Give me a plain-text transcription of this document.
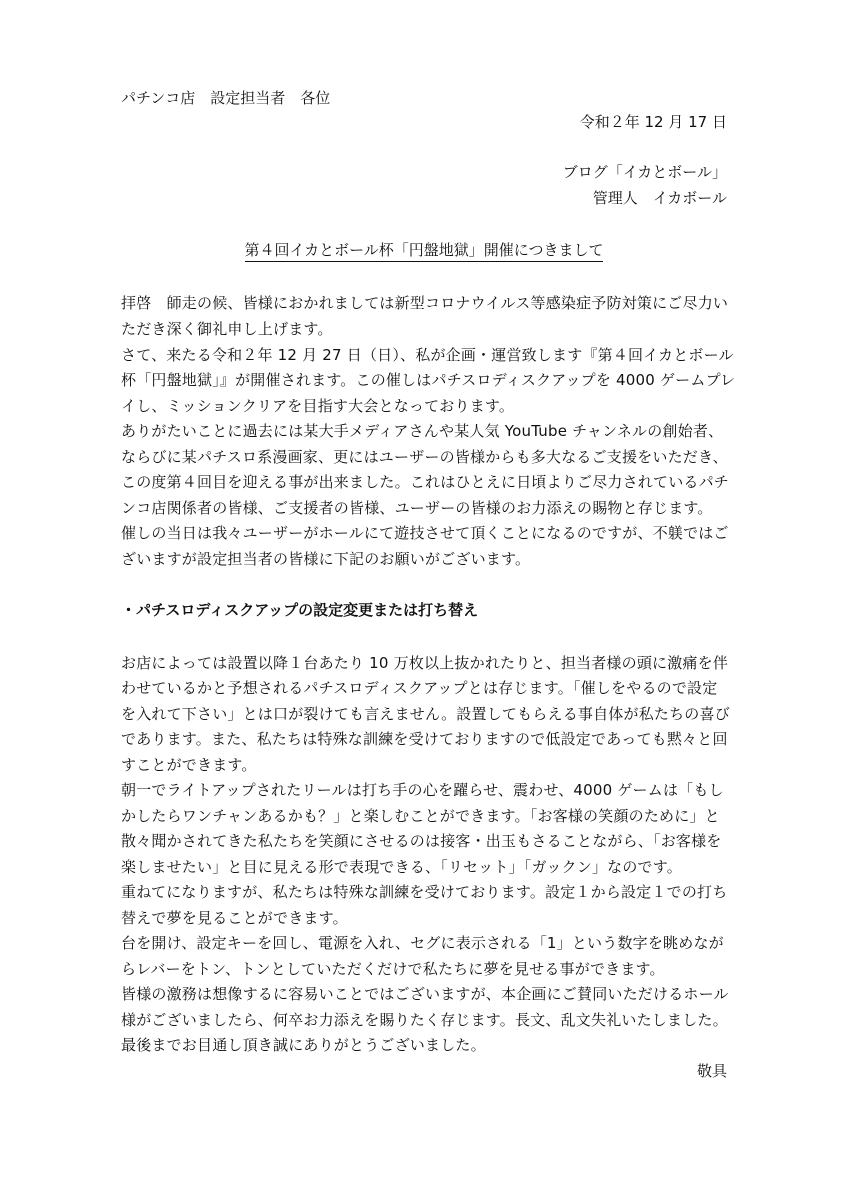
パチンコ店　設定担当者　各位
令和２年 12 月 17 日
ブログ「イカとボール」
管理人　イカボール
第４回イカとボール杯「円盤地獄」開催につきまして
拝啓　師走の候、皆様におかれましては新型コロナウイルス等感染症予防対策にご尽力い
ただき深く御礼申し上げます。
さて、来たる令和２年 12 月 27 日（日）、私が企画・運営致します『第４回イカとボール
杯「円盤地獄」』が開催されます。この催しはパチスロディスクアップを 4000 ゲームプレ
イし、ミッションクリアを目指す大会となっております。
ありがたいことに過去には某大手メディアさんや某人気 YouTube チャンネルの創始者、
ならびに某パチスロ系漫画家、更にはユーザーの皆様からも多大なるご支援をいただき、
この度第４回目を迎える事が出来ました。これはひとえに日頃よりご尽力されているパチ
ンコ店関係者の皆様、ご支援者の皆様、ユーザーの皆様のお力添えの賜物と存じます。
催しの当日は我々ユーザーがホールにて遊技させて頂くことになるのですが、不躾ではご
ざいますが設定担当者の皆様に下記のお願いがございます。
・パチスロディスクアップの設定変更または打ち替え
お店によっては設置以降１台あたり 10 万枚以上抜かれたりと、担当者様の頭に激痛を伴
わせているかと予想されるパチスロディスクアップとは存じます。「催しをやるので設定
を入れて下さい」とは口が裂けても言えません。設置してもらえる事自体が私たちの喜び
であります。また、私たちは特殊な訓練を受けておりますので低設定であっても黙々と回
すことができます。
朝一でライトアップされたリールは打ち手の心を躍らせ、震わせ、4000 ゲームは「もし
かしたらワンチャンあるかも？」と楽しむことができます。「お客様の笑顔のために」と
散々聞かされてきた私たちを笑顔にさせるのは接客・出玉もさることながら、「お客様を
楽しませたい」と目に見える形で表現できる、「リセット」「ガックン」なのです。
重ねてになりますが、私たちは特殊な訓練を受けております。設定１から設定１での打ち
替えで夢を見ることができます。
台を開け、設定キーを回し、電源を入れ、セグに表示される「1」という数字を眺めなが
らレバーをトン、トンとしていただくだけで私たちに夢を見せる事ができます。
皆様の激務は想像するに容易いことではございますが、本企画にご賛同いただけるホール
様がございましたら、何卒お力添えを賜りたく存じます。長文、乱文失礼いたしました。
最後までお目通し頂き誠にありがとうございました。
敬具
